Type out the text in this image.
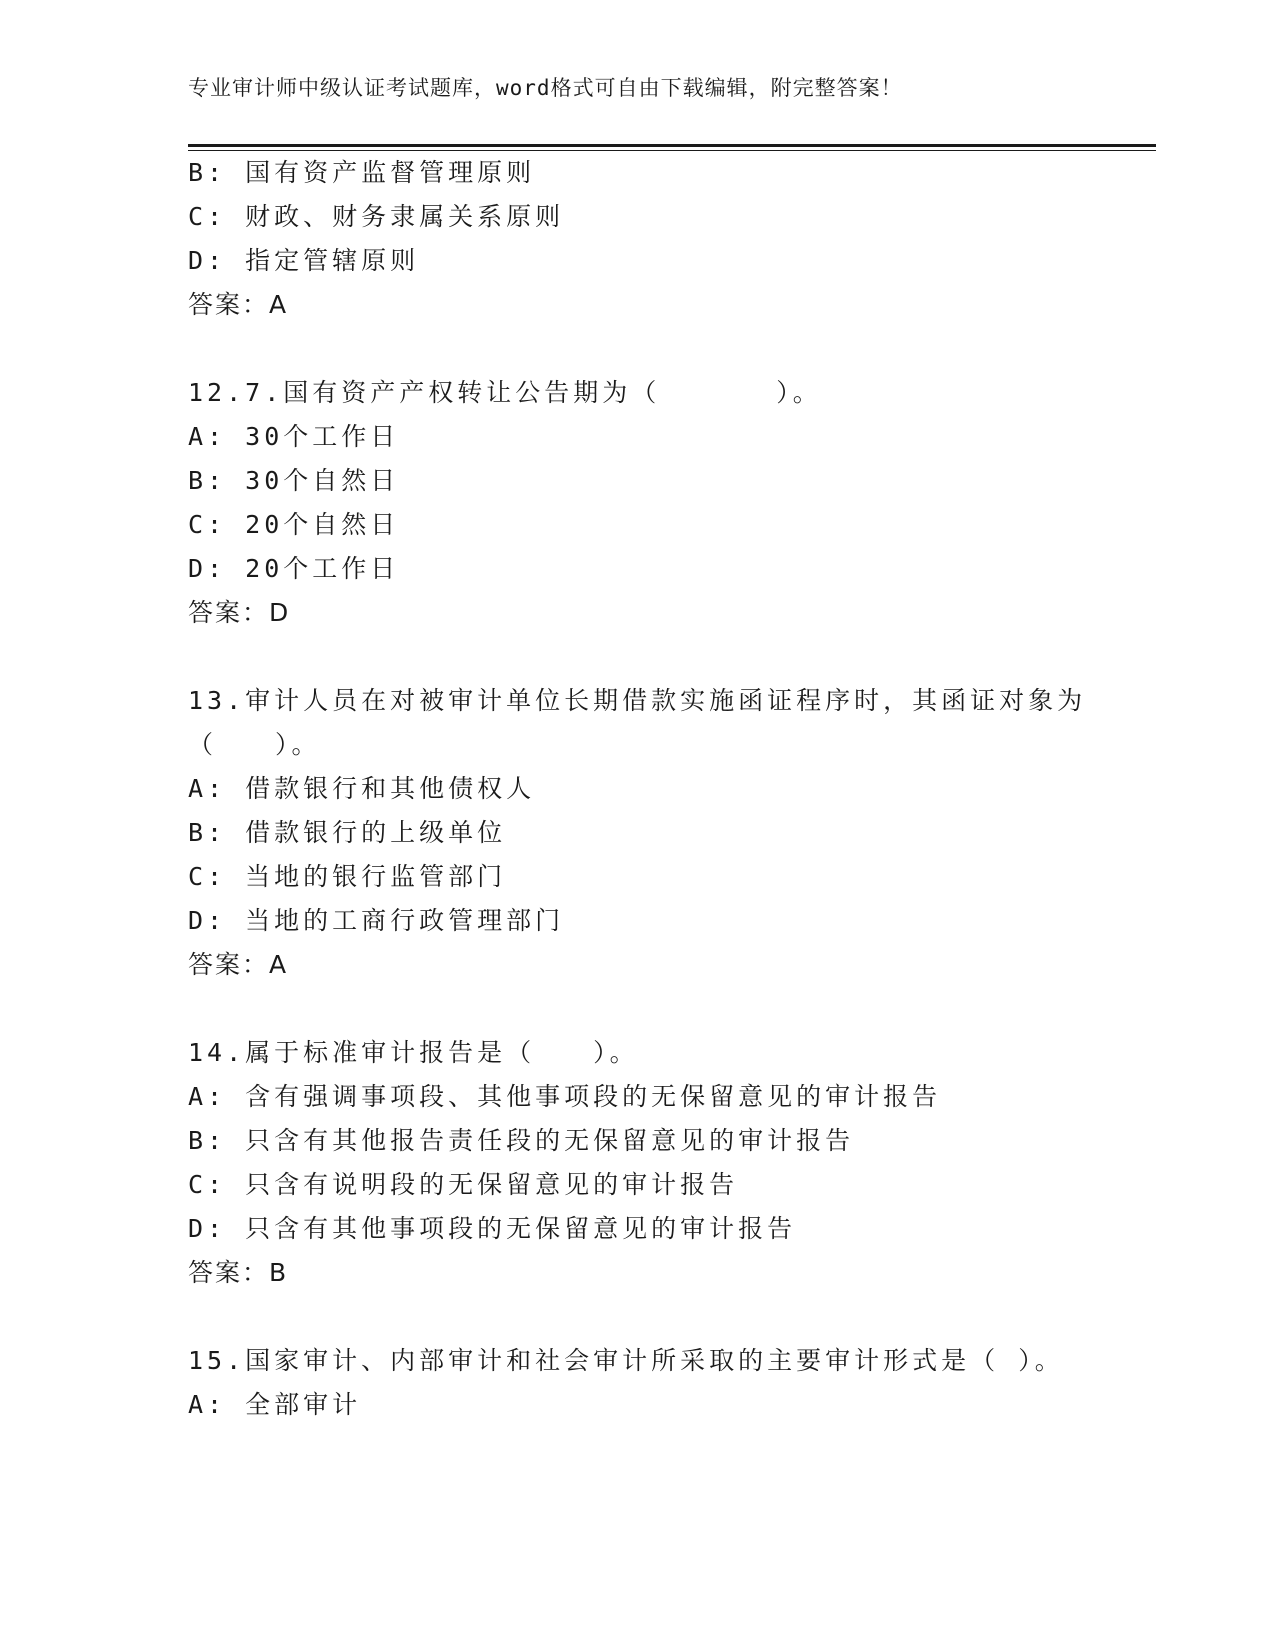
专业审计师中级认证考试题库，word格式可自由下载编辑，附完整答案！
B: 国有资产监督管理原则
C: 财政、财务隶属关系原则
D: 指定管辖原则
答案：A
12.7.国有资产产权转让公告期为（　　　　）。
A: 30个工作日
B: 30个自然日
C: 20个自然日
D: 20个工作日
答案：D
13.审计人员在对被审计单位长期借款实施函证程序时，其函证对象为
（　　）。
A: 借款银行和其他债权人
B: 借款银行的上级单位
C: 当地的银行监管部门
D: 当地的工商行政管理部门
答案：A
14.属于标准审计报告是（　　）。
A: 含有强调事项段、其他事项段的无保留意见的审计报告
B: 只含有其他报告责任段的无保留意见的审计报告
C: 只含有说明段的无保留意见的审计报告
D: 只含有其他事项段的无保留意见的审计报告
答案：B
15.国家审计、内部审计和社会审计所采取的主要审计形式是（ ）。
A: 全部审计
